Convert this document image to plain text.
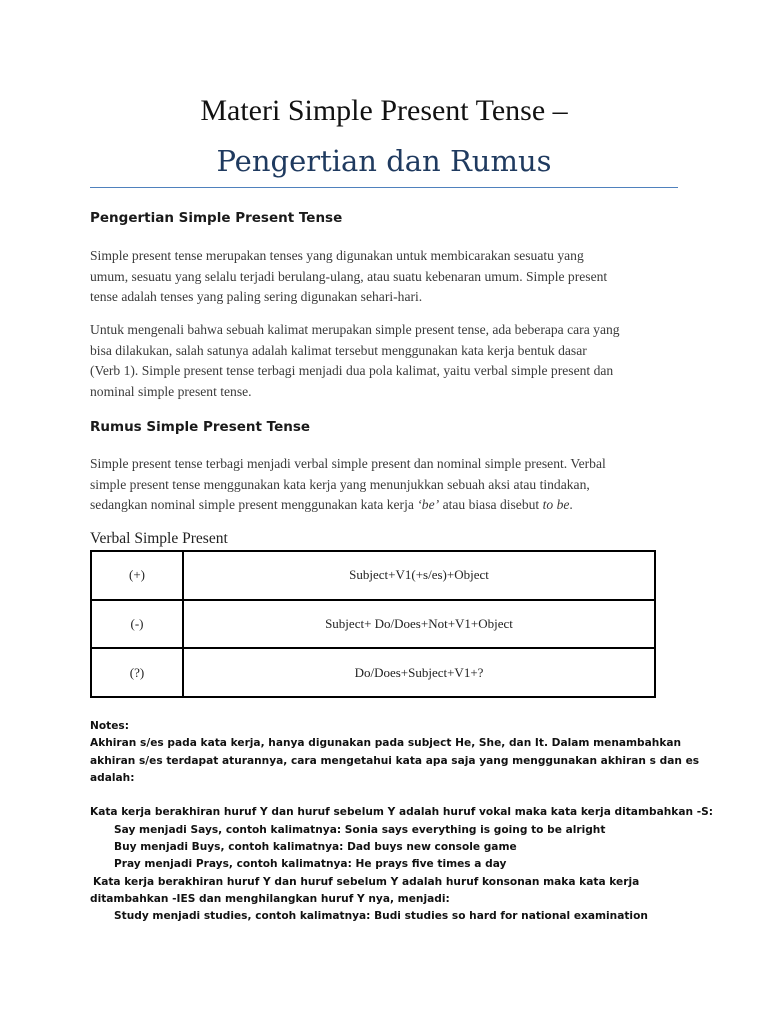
Materi Simple Present Tense –
Pengertian dan Rumus
Pengertian Simple Present Tense
Simple present tense merupakan tenses yang digunakan untuk membicarakan sesuatu yang
umum, sesuatu yang selalu terjadi berulang-ulang, atau suatu kebenaran umum. Simple present
tense adalah tenses yang paling sering digunakan sehari-hari.
Untuk mengenali bahwa sebuah kalimat merupakan simple present tense, ada beberapa cara yang
bisa dilakukan, salah satunya adalah kalimat tersebut menggunakan kata kerja bentuk dasar
(Verb 1). Simple present tense terbagi menjadi dua pola kalimat, yaitu verbal simple present dan
nominal simple present tense.
Rumus Simple Present Tense
Simple present tense terbagi menjadi verbal simple present dan nominal simple present. Verbal
simple present tense menggunakan kata kerja yang menunjukkan sebuah aksi atau tindakan,
sedangkan nominal simple present menggunakan kata kerja ‘be’ atau biasa disebut to be.
Verbal Simple Present
(+)	Subject+V1(+s/es)+Object
(-)	Subject+ Do/Does+Not+V1+Object
(?)	Do/Does+Subject+V1+?
Notes:
Akhiran s/es pada kata kerja, hanya digunakan pada subject He, She, dan It. Dalam menambahkan
akhiran s/es terdapat aturannya, cara mengetahui kata apa saja yang menggunakan akhiran s dan es
adalah:
Kata kerja berakhiran huruf Y dan huruf sebelum Y adalah huruf vokal maka kata kerja ditambahkan -S:
Say menjadi Says, contoh kalimatnya: Sonia says everything is going to be alright
Buy menjadi Buys, contoh kalimatnya: Dad buys new console game
Pray menjadi Prays, contoh kalimatnya: He prays five times a day
Kata kerja berakhiran huruf Y dan huruf sebelum Y adalah huruf konsonan maka kata kerja
ditambahkan -IES dan menghilangkan huruf Y nya, menjadi:
Study menjadi studies, contoh kalimatnya: Budi studies so hard for national examination
